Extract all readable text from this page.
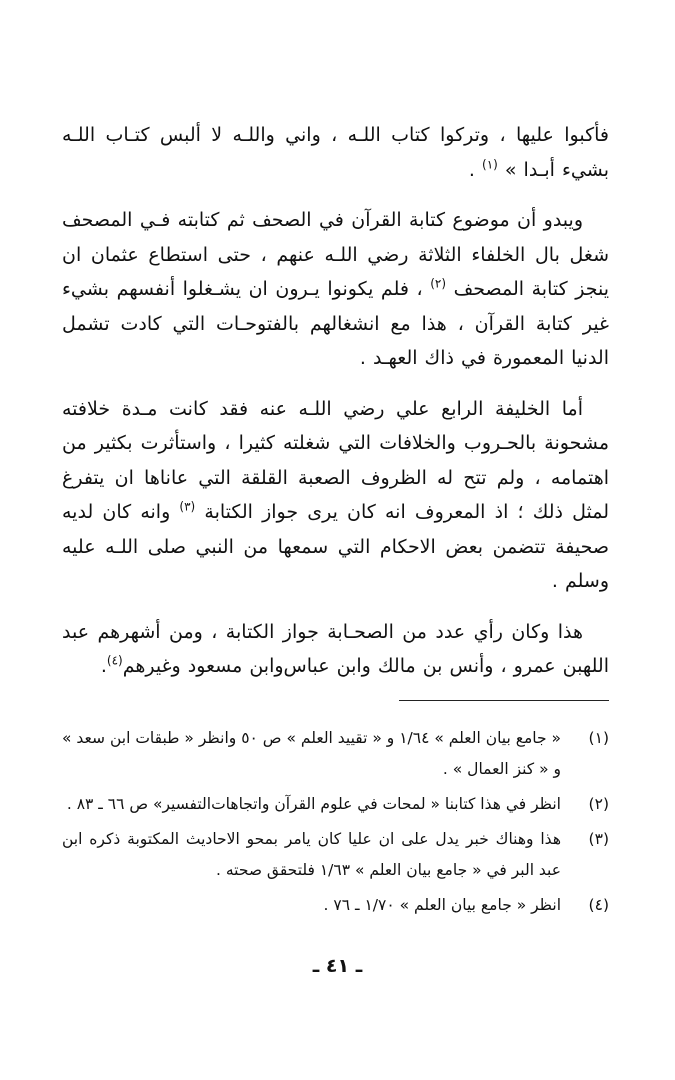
فأكبوا عليها ، وتركوا كتاب اللـه ، واني واللـه لا ألبس كتـاب اللـه بشيء أبـدا » $^{(١)}$ .

ويبدو أن موضوع كتابة القرآن في الصحف ثم كتابته فـي المصحف شغل بال الخلفاء الثلاثة رضي اللـه عنهم ، حتى استطاع عثمان ان ينجز كتابة المصحف $^{(٢)}$ ، فلم يكونوا يـرون ان يشـغلوا أنفسهم بشيء غير كتابة القرآن ، هذا مع انشغالهم بالفتوحـات التي كادت تشمل الدنيا المعمورة في ذاك العهـد .

أما الخليفة الرابع علي رضي اللـه عنه فقد كانت مـدة خلافته مشحونة بالحـروب والخلافات التي شغلته كثيرا ، واستأثرت بكثير من اهتمامه ، ولم تتح له الظروف الصعبة القلقة التي عاناها ان يتفرغ لمثل ذلك ؛ اذ المعروف انه كان يرى جواز الكتابة $^{(٣)}$ وانه كان لديه صحيفة تتضمن بعض الاحكام التي سمعها من النبي صلى اللـه عليه وسلم .

هذا وكان رأي عدد من الصحـابة جواز الكتابة ، ومن أشهرهم عبد اللهبن عمرو ، وأنس بن مالك وابن عباس‌وابن مسعود وغيرهم$^{(٤)}$.

(١)
« جامع بيان العلم » ١/٦٤ و « تقييد العلم » ص ٥٠ وانظر « طبقات ابن سعد » و « كنز العمال » .
(٢)
انظر في هذا كتابنا « لمحات في علوم القرآن واتجاهات‌التفسير» ص ٦٦ ـ ٨٣ .
(٣)
هذا وهناك خبر يدل على ان عليا كان يامر بمحو الاحاديث المكتوبة ذكره ابن عبد البر في « جامع بيان العلم » ١/٦٣ فلتحقق صحته .
(٤)
انظر « جامع بيان العلم » ١/٧٠ ـ ٧٦ .
ـ ٤١ ـ
